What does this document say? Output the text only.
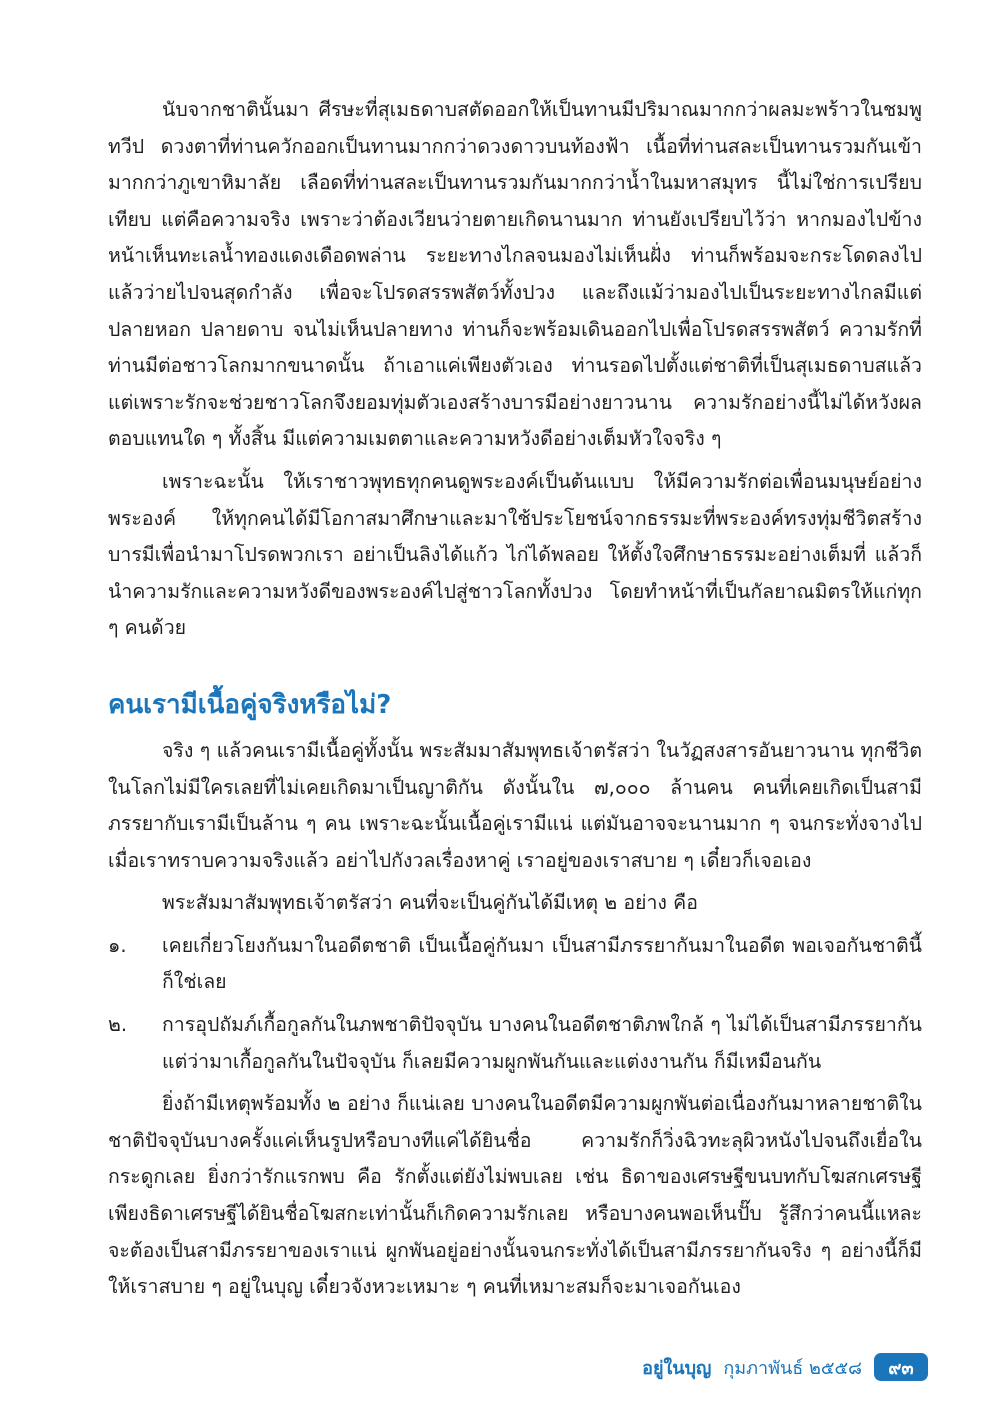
นับจากชาตินั้นมา ศีรษะที่สุเมธดาบสตัดออกให้เป็นทานมีปริมาณมากกว่าผลมะพร้าวในชมพูทวีป ดวงตาที่ท่านควักออกเป็นทานมากกว่าดวงดาวบนท้องฟ้า เนื้อที่ท่านสละเป็นทานรวมกันเข้ามากกว่าภูเขาหิมาลัย เลือดที่ท่านสละเป็นทานรวมกันมากกว่าน้ำในมหาสมุทร นี้ไม่ใช่การเปรียบเทียบ แต่คือความจริง เพราะว่าต้องเวียนว่ายตายเกิดนานมาก ท่านยังเปรียบไว้ว่า หากมองไปข้างหน้าเห็นทะเลน้ำทองแดงเดือดพล่าน ระยะทางไกลจนมองไม่เห็นฝั่ง ท่านก็พร้อมจะกระโดดลงไป แล้วว่ายไปจนสุดกำลัง เพื่อจะโปรดสรรพสัตว์ทั้งปวง และถึงแม้ว่ามองไปเป็นระยะทางไกลมีแต่ปลายหอก ปลายดาบ จนไม่เห็นปลายทาง ท่านก็จะพร้อมเดินออกไปเพื่อโปรดสรรพสัตว์ ความรักที่ท่านมีต่อชาวโลกมากขนาดนั้น ถ้าเอาแค่เพียงตัวเอง ท่านรอดไปตั้งแต่ชาติที่เป็นสุเมธดาบสแล้ว แต่เพราะรักจะช่วยชาวโลกจึงยอมทุ่มตัวเองสร้างบารมีอย่างยาวนาน ความรักอย่างนี้ไม่ได้หวังผลตอบแทนใด ๆ ทั้งสิ้น มีแต่ความเมตตาและความหวังดีอย่างเต็มหัวใจจริง ๆ

เพราะฉะนั้น ให้เราชาวพุทธทุกคนดูพระองค์เป็นต้นแบบ ให้มีความรักต่อเพื่อนมนุษย์อย่างพระองค์ ให้ทุกคนได้มีโอกาสมาศึกษาและมาใช้ประโยชน์จากธรรมะที่พระองค์ทรงทุ่มชีวิตสร้างบารมีเพื่อนำมาโปรดพวกเรา อย่าเป็นลิงได้แก้ว ไก่ได้พลอย ให้ตั้งใจศึกษาธรรมะอย่างเต็มที่ แล้วก็นำความรักและความหวังดีของพระองค์ไปสู่ชาวโลกทั้งปวง โดยทำหน้าที่เป็นกัลยาณมิตรให้แก่ทุก ๆ คนด้วย

คนเรามีเนื้อคู่จริงหรือไม่?

จริง ๆ แล้วคนเรามีเนื้อคู่ทั้งนั้น พระสัมมาสัมพุทธเจ้าตรัสว่า ในวัฏสงสารอันยาวนาน ทุกชีวิตในโลกไม่มีใครเลยที่ไม่เคยเกิดมาเป็นญาติกัน ดังนั้นใน ๗,๐๐๐ ล้านคน คนที่เคยเกิดเป็นสามีภรรยากับเรามีเป็นล้าน ๆ คน เพราะฉะนั้นเนื้อคู่เรามีแน่ แต่มันอาจจะนานมาก ๆ จนกระทั่งจางไป เมื่อเราทราบความจริงแล้ว อย่าไปกังวลเรื่องหาคู่ เราอยู่ของเราสบาย ๆ เดี๋ยวก็เจอเอง

พระสัมมาสัมพุทธเจ้าตรัสว่า คนที่จะเป็นคู่กันได้มีเหตุ ๒ อย่าง คือ

๑. เคยเกี่ยวโยงกันมาในอดีตชาติ เป็นเนื้อคู่กันมา เป็นสามีภรรยากันมาในอดีต พอเจอกันชาตินี้ก็ใช่เลย
๒. การอุปถัมภ์เกื้อกูลกันในภพชาติปัจจุบัน บางคนในอดีตชาติภพใกล้ ๆ ไม่ได้เป็นสามีภรรยากัน แต่ว่ามาเกื้อกูลกันในปัจจุบัน ก็เลยมีความผูกพันกันและแต่งงานกัน ก็มีเหมือนกัน

ยิ่งถ้ามีเหตุพร้อมทั้ง ๒ อย่าง ก็แน่เลย บางคนในอดีตมีความผูกพันต่อเนื่องกันมาหลายชาติในชาติปัจจุบันบางครั้งแค่เห็นรูปหรือบางทีแค่ได้ยินชื่อ ความรักก็วิ่งฉิวทะลุผิวหนังไปจนถึงเยื่อในกระดูกเลย ยิ่งกว่ารักแรกพบ คือ รักตั้งแต่ยังไม่พบเลย เช่น ธิดาของเศรษฐีขนบทกับโฆสกเศรษฐีเพียงธิดาเศรษฐีได้ยินชื่อโฆสกะเท่านั้นก็เกิดความรักเลย หรือบางคนพอเห็นปั๊บ รู้สึกว่าคนนี้แหละจะต้องเป็นสามีภรรยาของเราแน่ ผูกพันอยู่อย่างนั้นจนกระทั่งได้เป็นสามีภรรยากันจริง ๆ อย่างนี้ก็มี ให้เราสบาย ๆ อยู่ในบุญ เดี๋ยวจังหวะเหมาะ ๆ คนที่เหมาะสมก็จะมาเจอกันเอง

อยู่ในบุญ กุมภาพันธ์ ๒๕๕๘	๙๓
